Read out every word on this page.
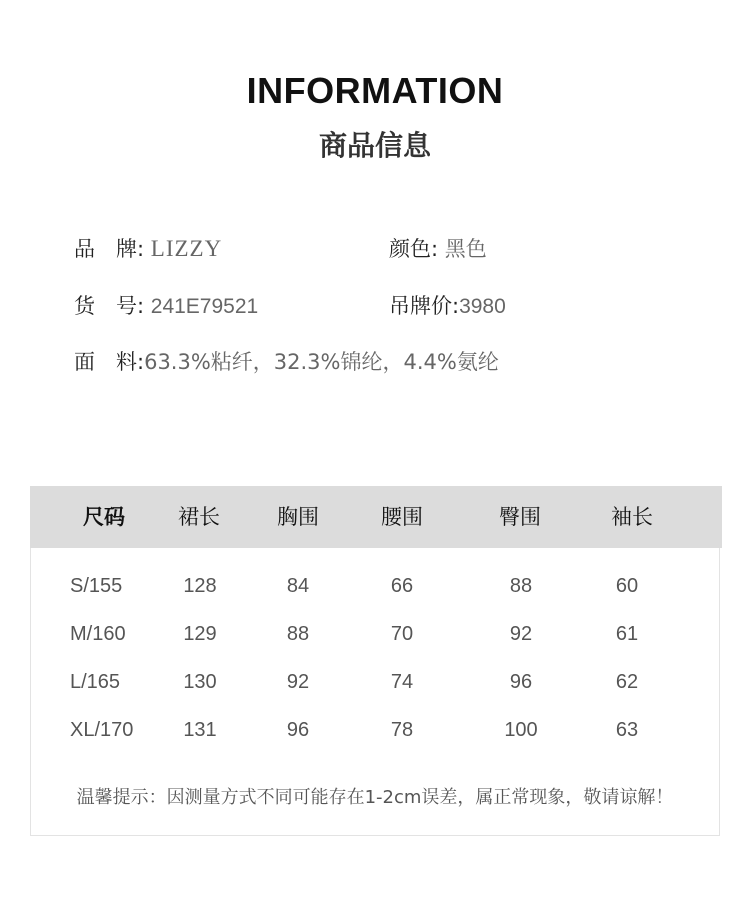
INFORMATION
商品信息
品　牌: LIZZY	颜色: 黑色
货　号: 241E79521	吊牌价:3980
面　料:63.3%粘纤，32.3%锦纶，4.4%氨纶
尺码	裙长	胸围	腰围	臀围	袖长
S/155	128	84	66	88	60
M/160	129	88	70	92	61
L/165	130	92	74	96	62
XL/170 131	96	78	100	63
温馨提示：因测量方式不同可能存在1-2cm误差，属正常现象，敬请谅解！
